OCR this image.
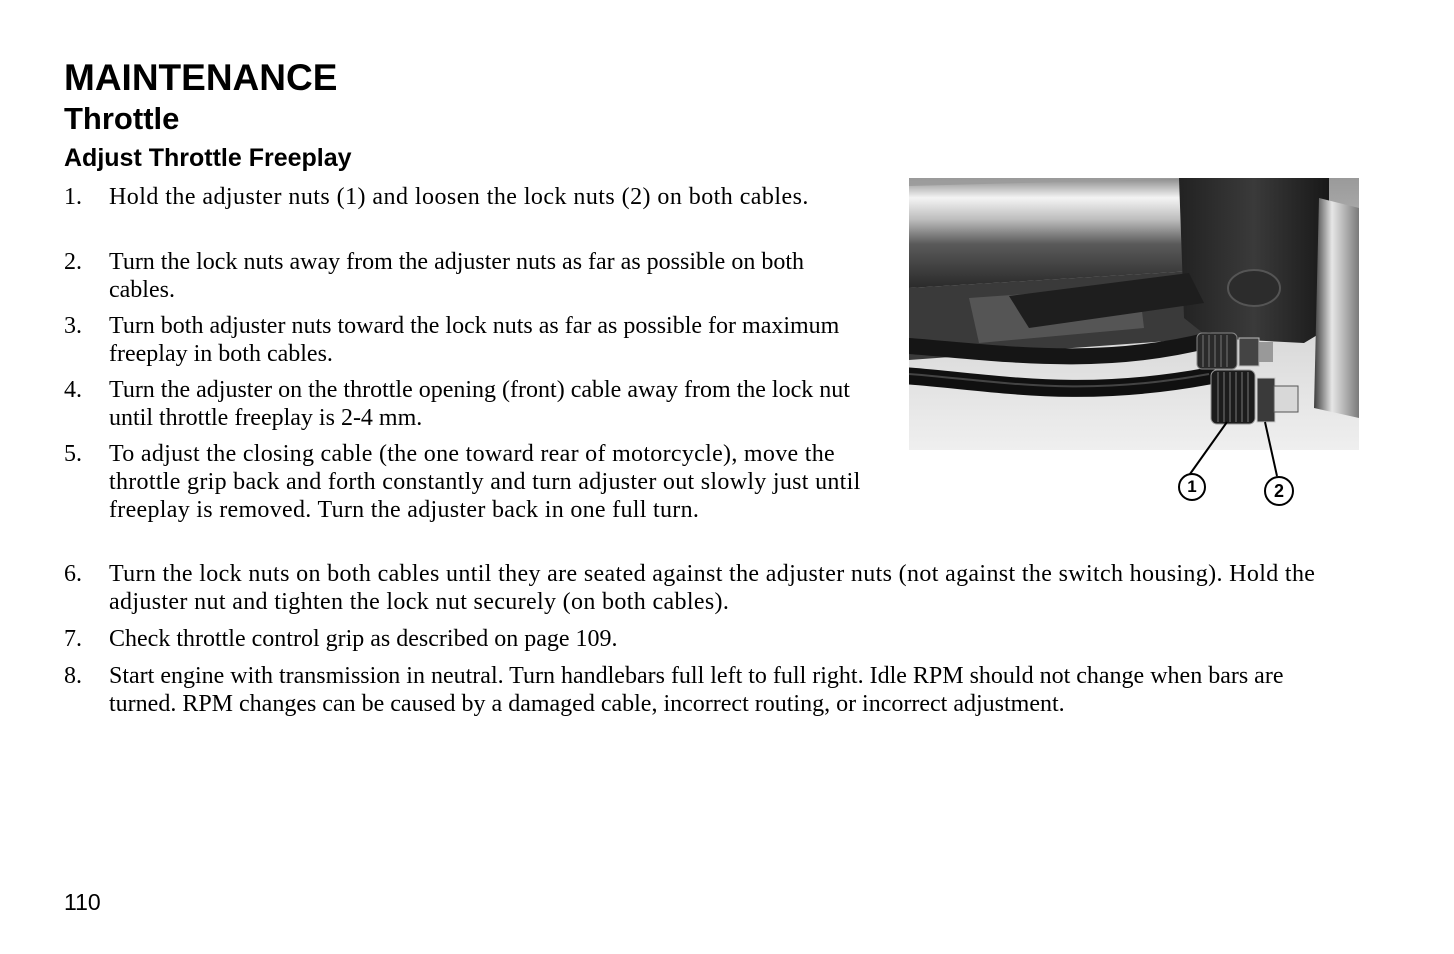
MAINTENANCE
Throttle
Adjust Throttle Freeplay
1.	Hold the adjuster nuts (1) and loosen the lock nuts (2) on both cables.
2.	Turn the lock nuts away from the adjuster nuts as far as possible on both cables.
3.	Turn both adjuster nuts toward the lock nuts as far as possible for maximum freeplay in both cables.
4.	Turn the adjuster on the throttle opening (front) cable away from the lock nut until throttle freeplay is 2-4 mm.
5.	To adjust the closing cable (the one toward rear of motorcycle), move the throttle grip back and forth constantly and turn adjuster out slowly just until freeplay is removed. Turn the adjuster back in one full turn.
6.	Turn the lock nuts on both cables until they are seated against the adjuster nuts (not against the switch housing). Hold the adjuster nut and tighten the lock nut securely (on both cables).
7.	Check throttle control grip as described on page 109.
8.	Start engine with transmission in neutral. Turn handlebars full left to full right. Idle RPM should not change when bars are turned. RPM changes can be caused by a damaged cable, incorrect routing, or incorrect adjustment.
1	2
110
